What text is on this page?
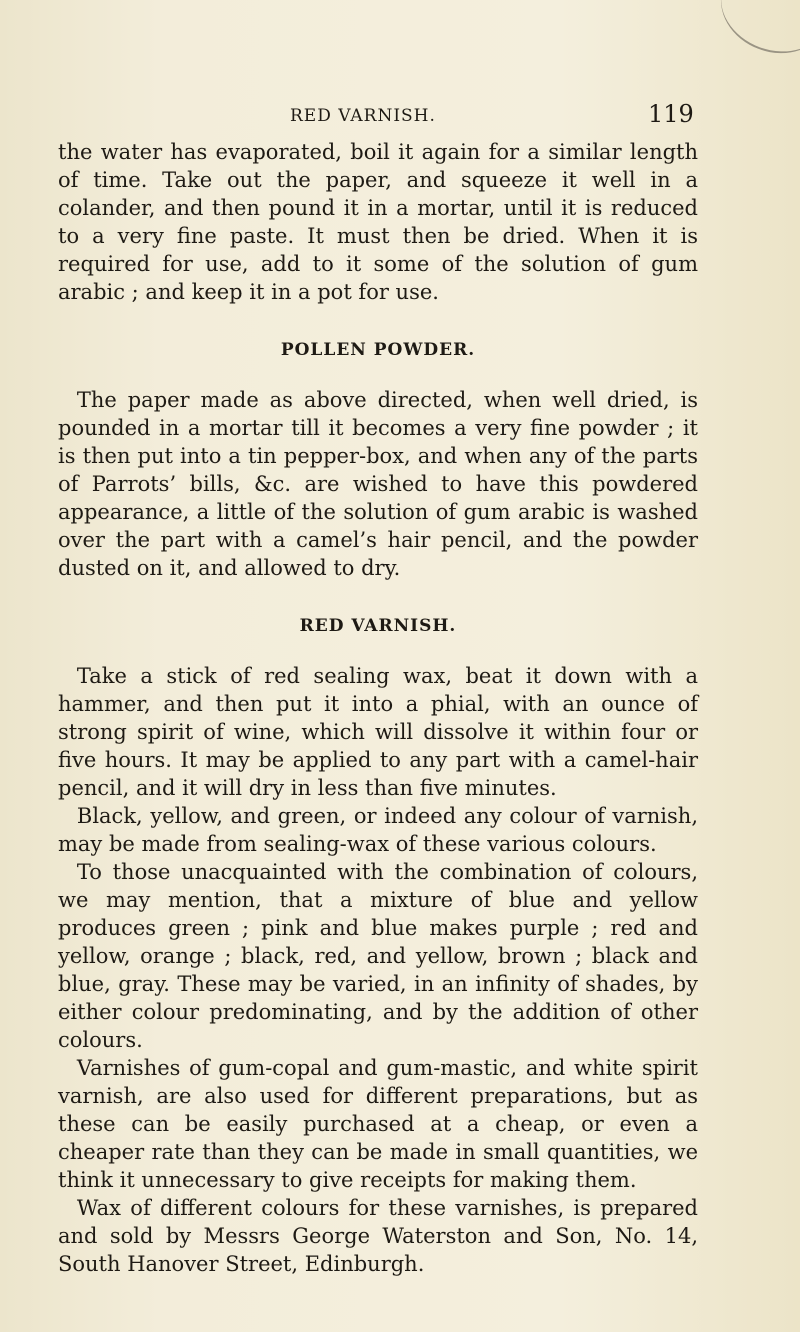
RED VARNISH.	119

the water has evaporated, boil it again for a similar length of time. Take out the paper, and squeeze it well in a colander, and then pound it in a mortar, until it is reduced to a very fine paste. It must then be dried. When it is required for use, add to it some of the solution of gum arabic ; and keep it in a pot for use.

POLLEN POWDER.

The paper made as above directed, when well dried, is pounded in a mortar till it becomes a very fine powder ; it is then put into a tin pepper-box, and when any of the parts of Parrots’ bills, &c. are wished to have this powdered appearance, a little of the solution of gum arabic is washed over the part with a camel’s hair pencil, and the powder dusted on it, and allowed to dry.

RED VARNISH.

Take a stick of red sealing wax, beat it down with a hammer, and then put it into a phial, with an ounce of strong spirit of wine, which will dissolve it within four or five hours. It may be applied to any part with a camel-hair pencil, and it will dry in less than five minutes.

Black, yellow, and green, or indeed any colour of varnish, may be made from sealing-wax of these various colours.

To those unacquainted with the combination of colours, we may mention, that a mixture of blue and yellow produces green ; pink and blue makes purple ; red and yellow, orange ; black, red, and yellow, brown ; black and blue, gray. These may be varied, in an infinity of shades, by either colour predominating, and by the addition of other colours.

Varnishes of gum-copal and gum-mastic, and white spirit varnish, are also used for different preparations, but as these can be easily purchased at a cheap, or even a cheaper rate than they can be made in small quantities, we think it unnecessary to give receipts for making them.

Wax of different colours for these varnishes, is prepared and sold by Messrs George Waterston and Son, No. 14, South Hanover Street, Edinburgh.
